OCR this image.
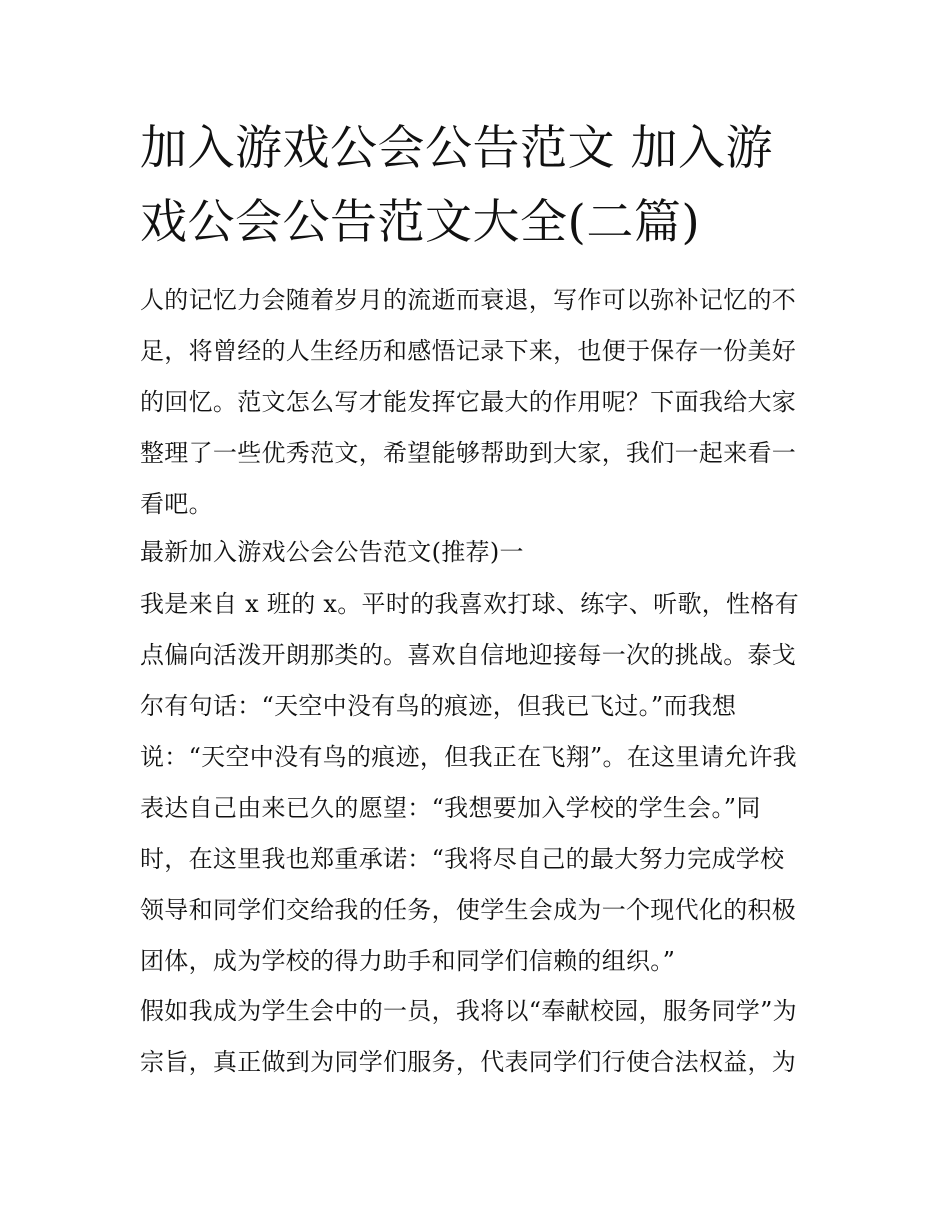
加入游戏公会公告范文 加入游戏公会公告范文大全(二篇)

人的记忆力会随着岁月的流逝而衰退，写作可以弥补记忆的不

足，将曾经的人生经历和感悟记录下来，也便于保存一份美好

的回忆。范文怎么写才能发挥它最大的作用呢？下面我给大家

整理了一些优秀范文，希望能够帮助到大家，我们一起来看一

看吧。

最新加入游戏公会公告范文(推荐)一

我是来自 x 班的 x。平时的我喜欢打球、练字、听歌，性格有

点偏向活泼开朗那类的。喜欢自信地迎接每一次的挑战。泰戈

尔有句话：“天空中没有鸟的痕迹，但我已飞过。”而我想

说：“天空中没有鸟的痕迹，但我正在飞翔”。在这里请允许我

表达自己由来已久的愿望：“我想要加入学校的学生会。”同

时，在这里我也郑重承诺：“我将尽自己的最大努力完成学校

领导和同学们交给我的任务，使学生会成为一个现代化的积极

团体，成为学校的得力助手和同学们信赖的组织。”

假如我成为学生会中的一员，我将以“奉献校园，服务同学”为

宗旨，真正做到为同学们服务，代表同学们行使合法权益，为
